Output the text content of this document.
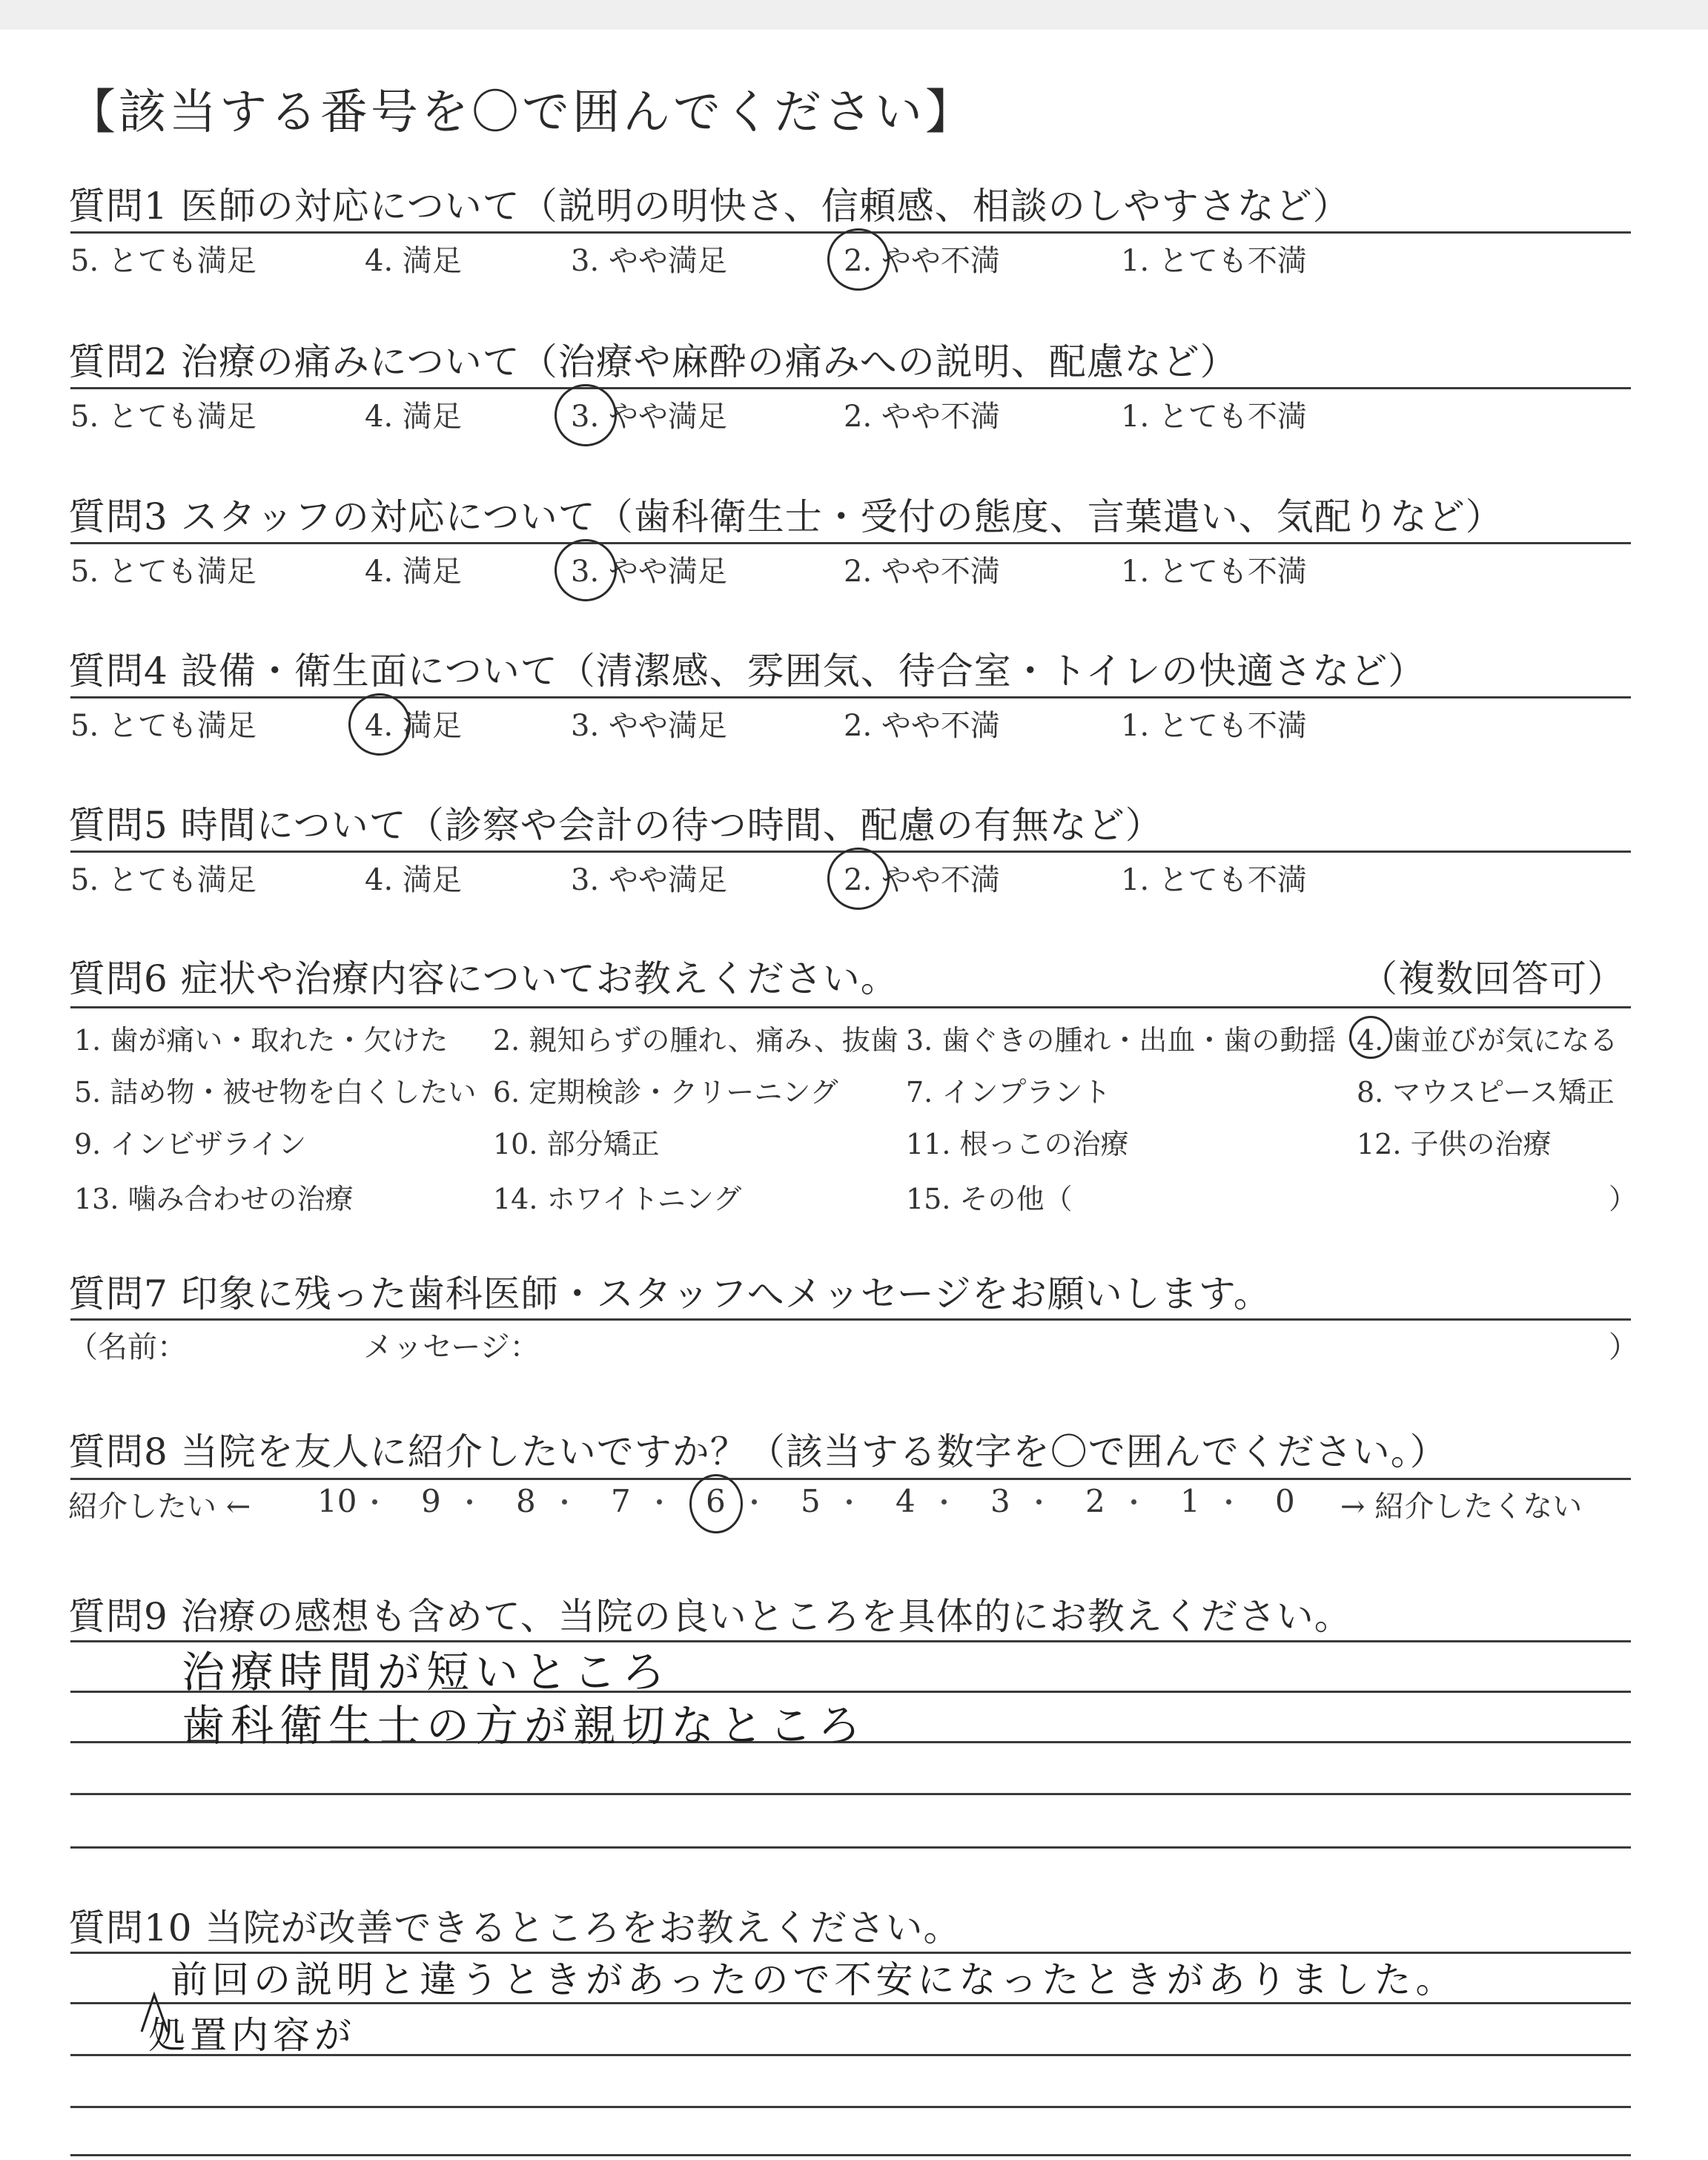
【該当する番号を〇で囲んでください】
質問1 医師の対応について（説明の明快さ、信頼感、相談のしやすさなど）
5. とても満足	4. 満足	3. やや満足	2. やや不満	1. とても不満
質問2 治療の痛みについて（治療や麻酔の痛みへの説明、配慮など）
5. とても満足	4. 満足	3. やや満足	2. やや不満	1. とても不満
質問3 スタッフの対応について（歯科衛生士・受付の態度、言葉遣い、気配りなど）
5. とても満足	4. 満足	3. やや満足	2. やや不満	1. とても不満
質問4 設備・衛生面について（清潔感、雰囲気、待合室・トイレの快適さなど）
5. とても満足	4. 満足	3. やや満足	2. やや不満	1. とても不満
質問5 時間について（診察や会計の待つ時間、配慮の有無など）
5. とても満足	4. 満足	3. やや満足	2. やや不満	1. とても不満
質問6 症状や治療内容についてお教えください。	（複数回答可）
1. 歯が痛い・取れた・欠けた 2. 親知らずの腫れ、痛み、抜歯 3. 歯ぐきの腫れ・出血・歯の動揺 4. 歯並びが気になる
5. 詰め物・被せ物を白くしたい 6. 定期検診・クリーニング 7. インプラント	8. マウスピース矯正
9. インビザライン	10. 部分矯正	11. 根っこの治療	12. 子供の治療
13. 噛み合わせの治療	14. ホワイトニング	15. その他（	）
質問7 印象に残った歯科医師・スタッフへメッセージをお願いします。
（名前：	メッセージ：	）
質問8 当院を友人に紹介したいですか？（該当する数字を〇で囲んでください。）
紹介したい ← 10 9 8 7 6 5 4 3 2 1 0 → 紹介したくない
質問9 治療の感想も含めて、当院の良いところを具体的にお教えください。
治療時間が短いところ
歯科衛生士の方が親切なところ
質問10 当院が改善できるところをお教えください。
前回の説明と違うときがあったので不安になったときがありました。
処置内容が
